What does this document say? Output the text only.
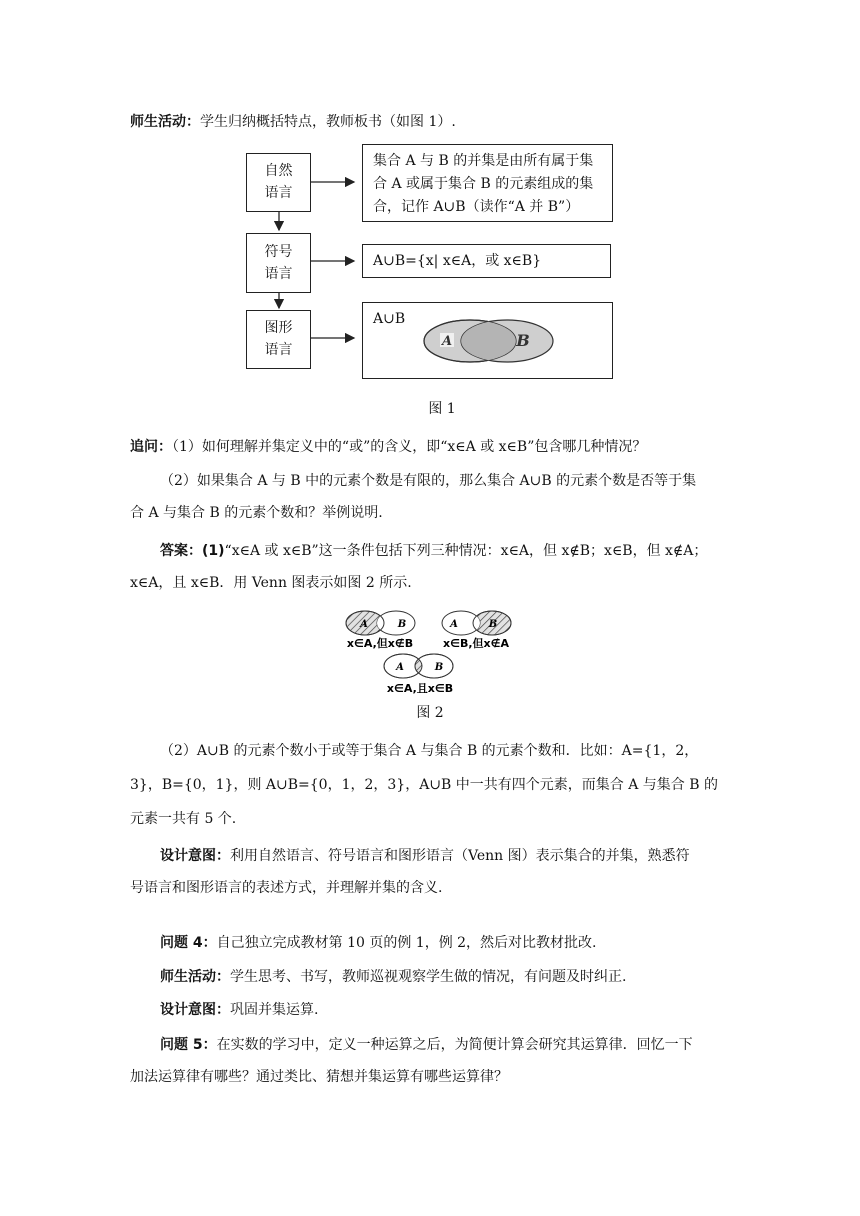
师生活动：学生归纳概括特点，教师板书（如图 1）.
自然
语言
符号
语言
图形
语言
集合 A 与 B 的并集是由所有属于集
合 A 或属于集合 B 的元素组成的集
合，记作 A∪B（读作“A 并 B”）
A∪B={x| x∈A，或 x∈B}
A∪B
A	B
图 1
追问：（1）如何理解并集定义中的“或”的含义，即“x∈A 或 x∈B”包含哪几种情况？
（2）如果集合 A 与 B 中的元素个数是有限的，那么集合 A∪B 的元素个数是否等于集
合 A 与集合 B 的元素个数和？举例说明.
答案：(1)“x∈A 或 x∈B”这一条件包括下列三种情况：x∈A，但 x∉B；x∈B，但 x∉A；
x∈A，且 x∈B．用 Venn 图表示如图 2 所示.
A	B
x∈A,但x∉B
A	B
x∈B,但x∉A
A	B
x∈A,且x∈B
图 2
（2）A∪B 的元素个数小于或等于集合 A 与集合 B 的元素个数和．比如：A={1，2，
3}，B={0，1}，则 A∪B={0，1，2，3}，A∪B 中一共有四个元素，而集合 A 与集合 B 的
元素一共有 5 个.
设计意图：利用自然语言、符号语言和图形语言（Venn 图）表示集合的并集，熟悉符
号语言和图形语言的表述方式，并理解并集的含义.
问题 4：自己独立完成教材第 10 页的例 1，例 2，然后对比教材批改.
师生活动：学生思考、书写，教师巡视观察学生做的情况，有问题及时纠正.
设计意图：巩固并集运算.
问题 5：在实数的学习中，定义一种运算之后，为简便计算会研究其运算律．回忆一下
加法运算律有哪些？通过类比、猜想并集运算有哪些运算律？
